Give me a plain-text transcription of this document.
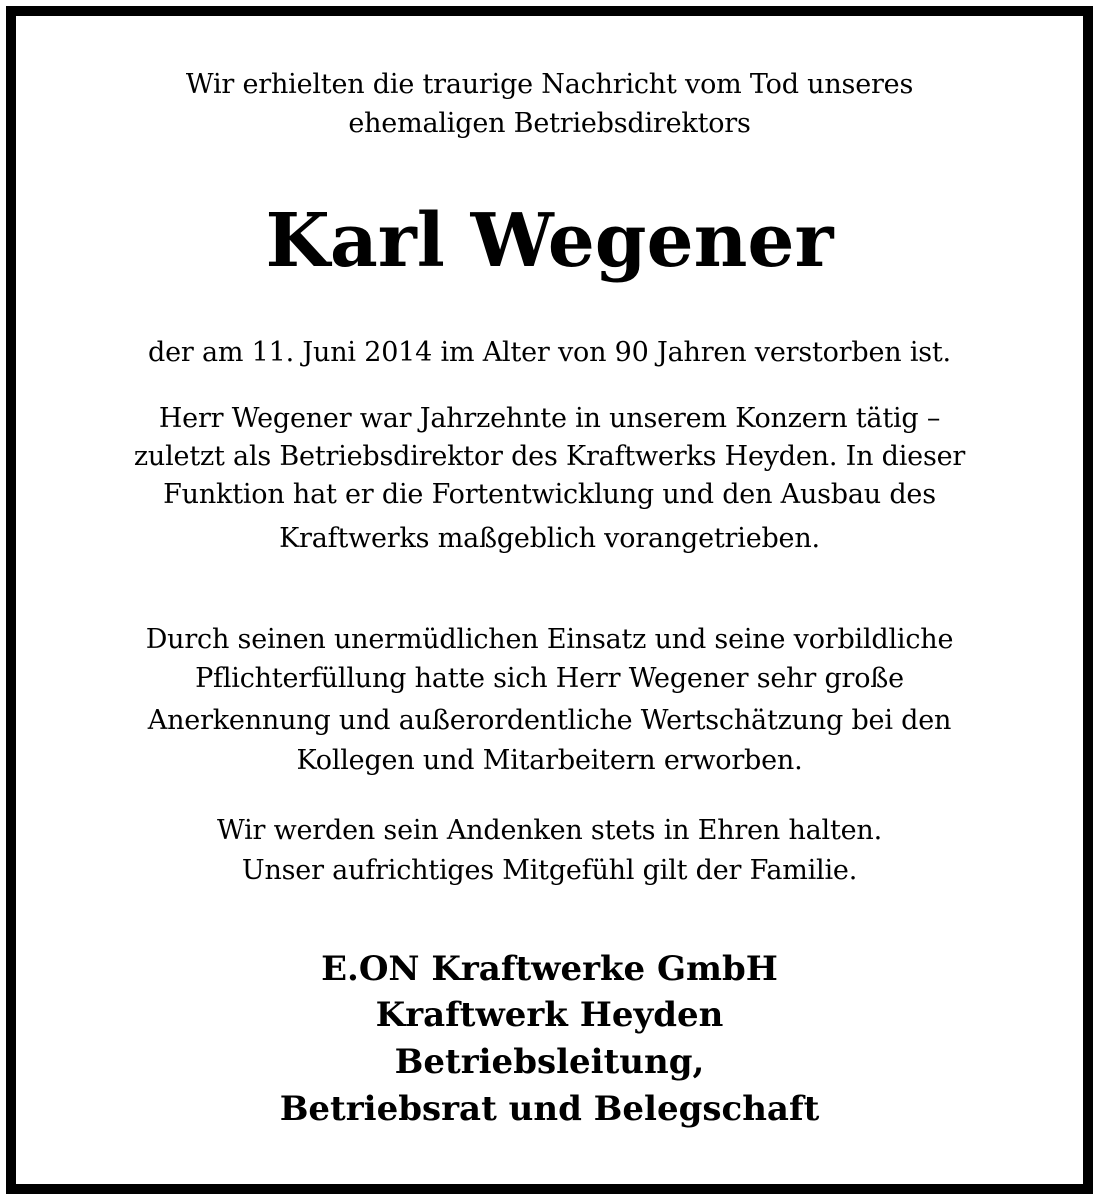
Wir erhielten die traurige Nachricht vom Tod unseres

ehemaligen Betriebsdirektors

Karl Wegener

der am 11. Juni 2014 im Alter von 90 Jahren verstorben ist.

Herr Wegener war Jahrzehnte in unserem Konzern tätig –

zuletzt als Betriebsdirektor des Kraftwerks Heyden. In dieser

Funktion hat er die Fortentwicklung und den Ausbau des

Kraftwerks maßgeblich vorangetrieben.

Durch seinen unermüdlichen Einsatz und seine vorbildliche

Pflichterfüllung hatte sich Herr Wegener sehr große

Anerkennung und außerordentliche Wertschätzung bei den

Kollegen und Mitarbeitern erworben.

Wir werden sein Andenken stets in Ehren halten.

Unser aufrichtiges Mitgefühl gilt der Familie.

E.ON Kraftwerke GmbH

Kraftwerk Heyden

Betriebsleitung,

Betriebsrat und Belegschaft
